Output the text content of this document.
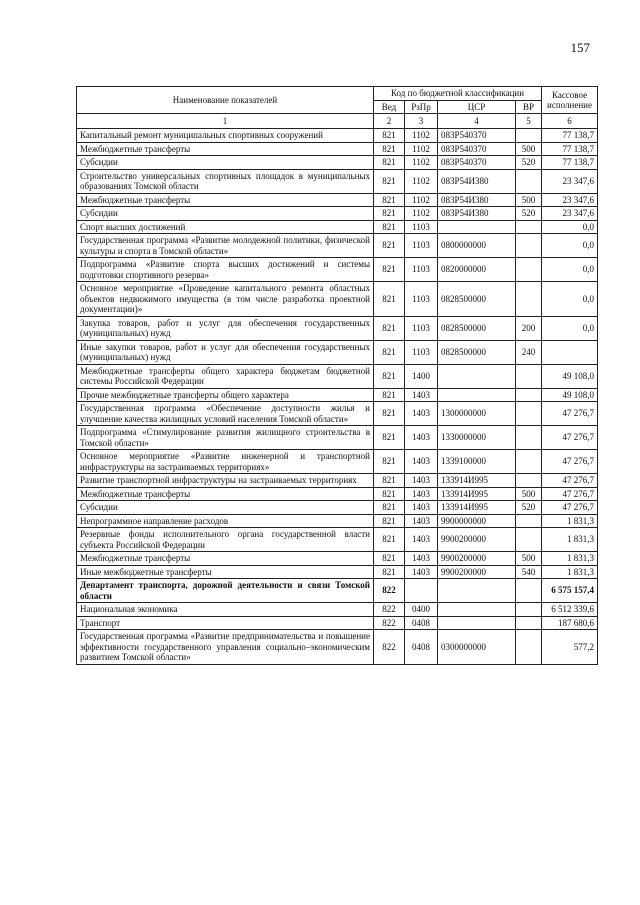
157
Наименование показателей	Код по бюджетной классификации				Кассовое исполнение
	Вед	РзПр	ЦСР	ВР	
1	2	3	4	5	6
Капитальный ремонт муниципальных спортивных сооружений	821	1102	083Р540370		77 138,7
Межбюджетные трансферты	821	1102	083Р540370	500	77 138,7
Субсидии	821	1102	083Р540370	520	77 138,7
Строительство универсальных спортивных площадок в муниципальных образованиях Томской области	821	1102	083Р54И380		23 347,6
Межбюджетные трансферты	821	1102	083Р54И380	500	23 347,6
Субсидии	821	1102	083Р54И380	520	23 347,6
Спорт высших достижений	821	1103			0,0
Государственная программа «Развитие молодежной политики, физической культуры и спорта в Томской области»	821	1103	0800000000		0,0
Подпрограмма «Развитие спорта высших достижений и системы подготовки спортивного резерва»	821	1103	0820000000		0,0
Основное мероприятие «Проведение капитального ремонта областных объектов недвижимого имущества (в том числе разработка проектной документации)»	821	1103	0828500000		0,0
Закупка товаров, работ и услуг для обеспечения государственных (муниципальных) нужд	821	1103	0828500000	200	0,0
Иные закупки товаров, работ и услуг для обеспечения государственных (муниципальных) нужд	821	1103	0828500000	240	
Межбюджетные трансферты общего характера бюджетам бюджетной системы Российской Федерации	821	1400			49 108,0
Прочие межбюджетные трансферты общего характера	821	1403			49 108,0
Государственная программа «Обеспечение доступности жилья и улучшение качества жилищных условий населения Томской области»	821	1403	1300000000		47 276,7
Подпрограмма «Стимулирование развития жилищного строительства в Томской области»	821	1403	1330000000		47 276,7
Основное мероприятие «Развитие инженерной и транспортной инфраструктуры на застраиваемых территориях»	821	1403	1339100000		47 276,7
Развитие транспортной инфраструктуры на застраиваемых территориях	821	1403	133914И995		47 276,7
Межбюджетные трансферты	821	1403	133914И995	500	47 276,7
Субсидии	821	1403	133914И995	520	47 276,7
Непрограммное направление расходов	821	1403	9900000000		1 831,3
Резервные фонды исполнительного органа государственной власти субъекта Российской Федерации	821	1403	9900200000		1 831,3
Межбюджетные трансферты	821	1403	9900200000	500	1 831,3
Иные межбюджетные трансферты	821	1403	9900200000	540	1 831,3
Департамент транспорта, дорожной деятельности и связи Томской области	822				6 575 157,4
Национальная экономика	822	0400			6 512 339,6
Транспорт	822	0408			187 680,6
Государственная программа «Развитие предпринимательства и повышение эффективности государственного управления социально–экономическим развитием Томской области»	822	0408	0300000000		577,2
